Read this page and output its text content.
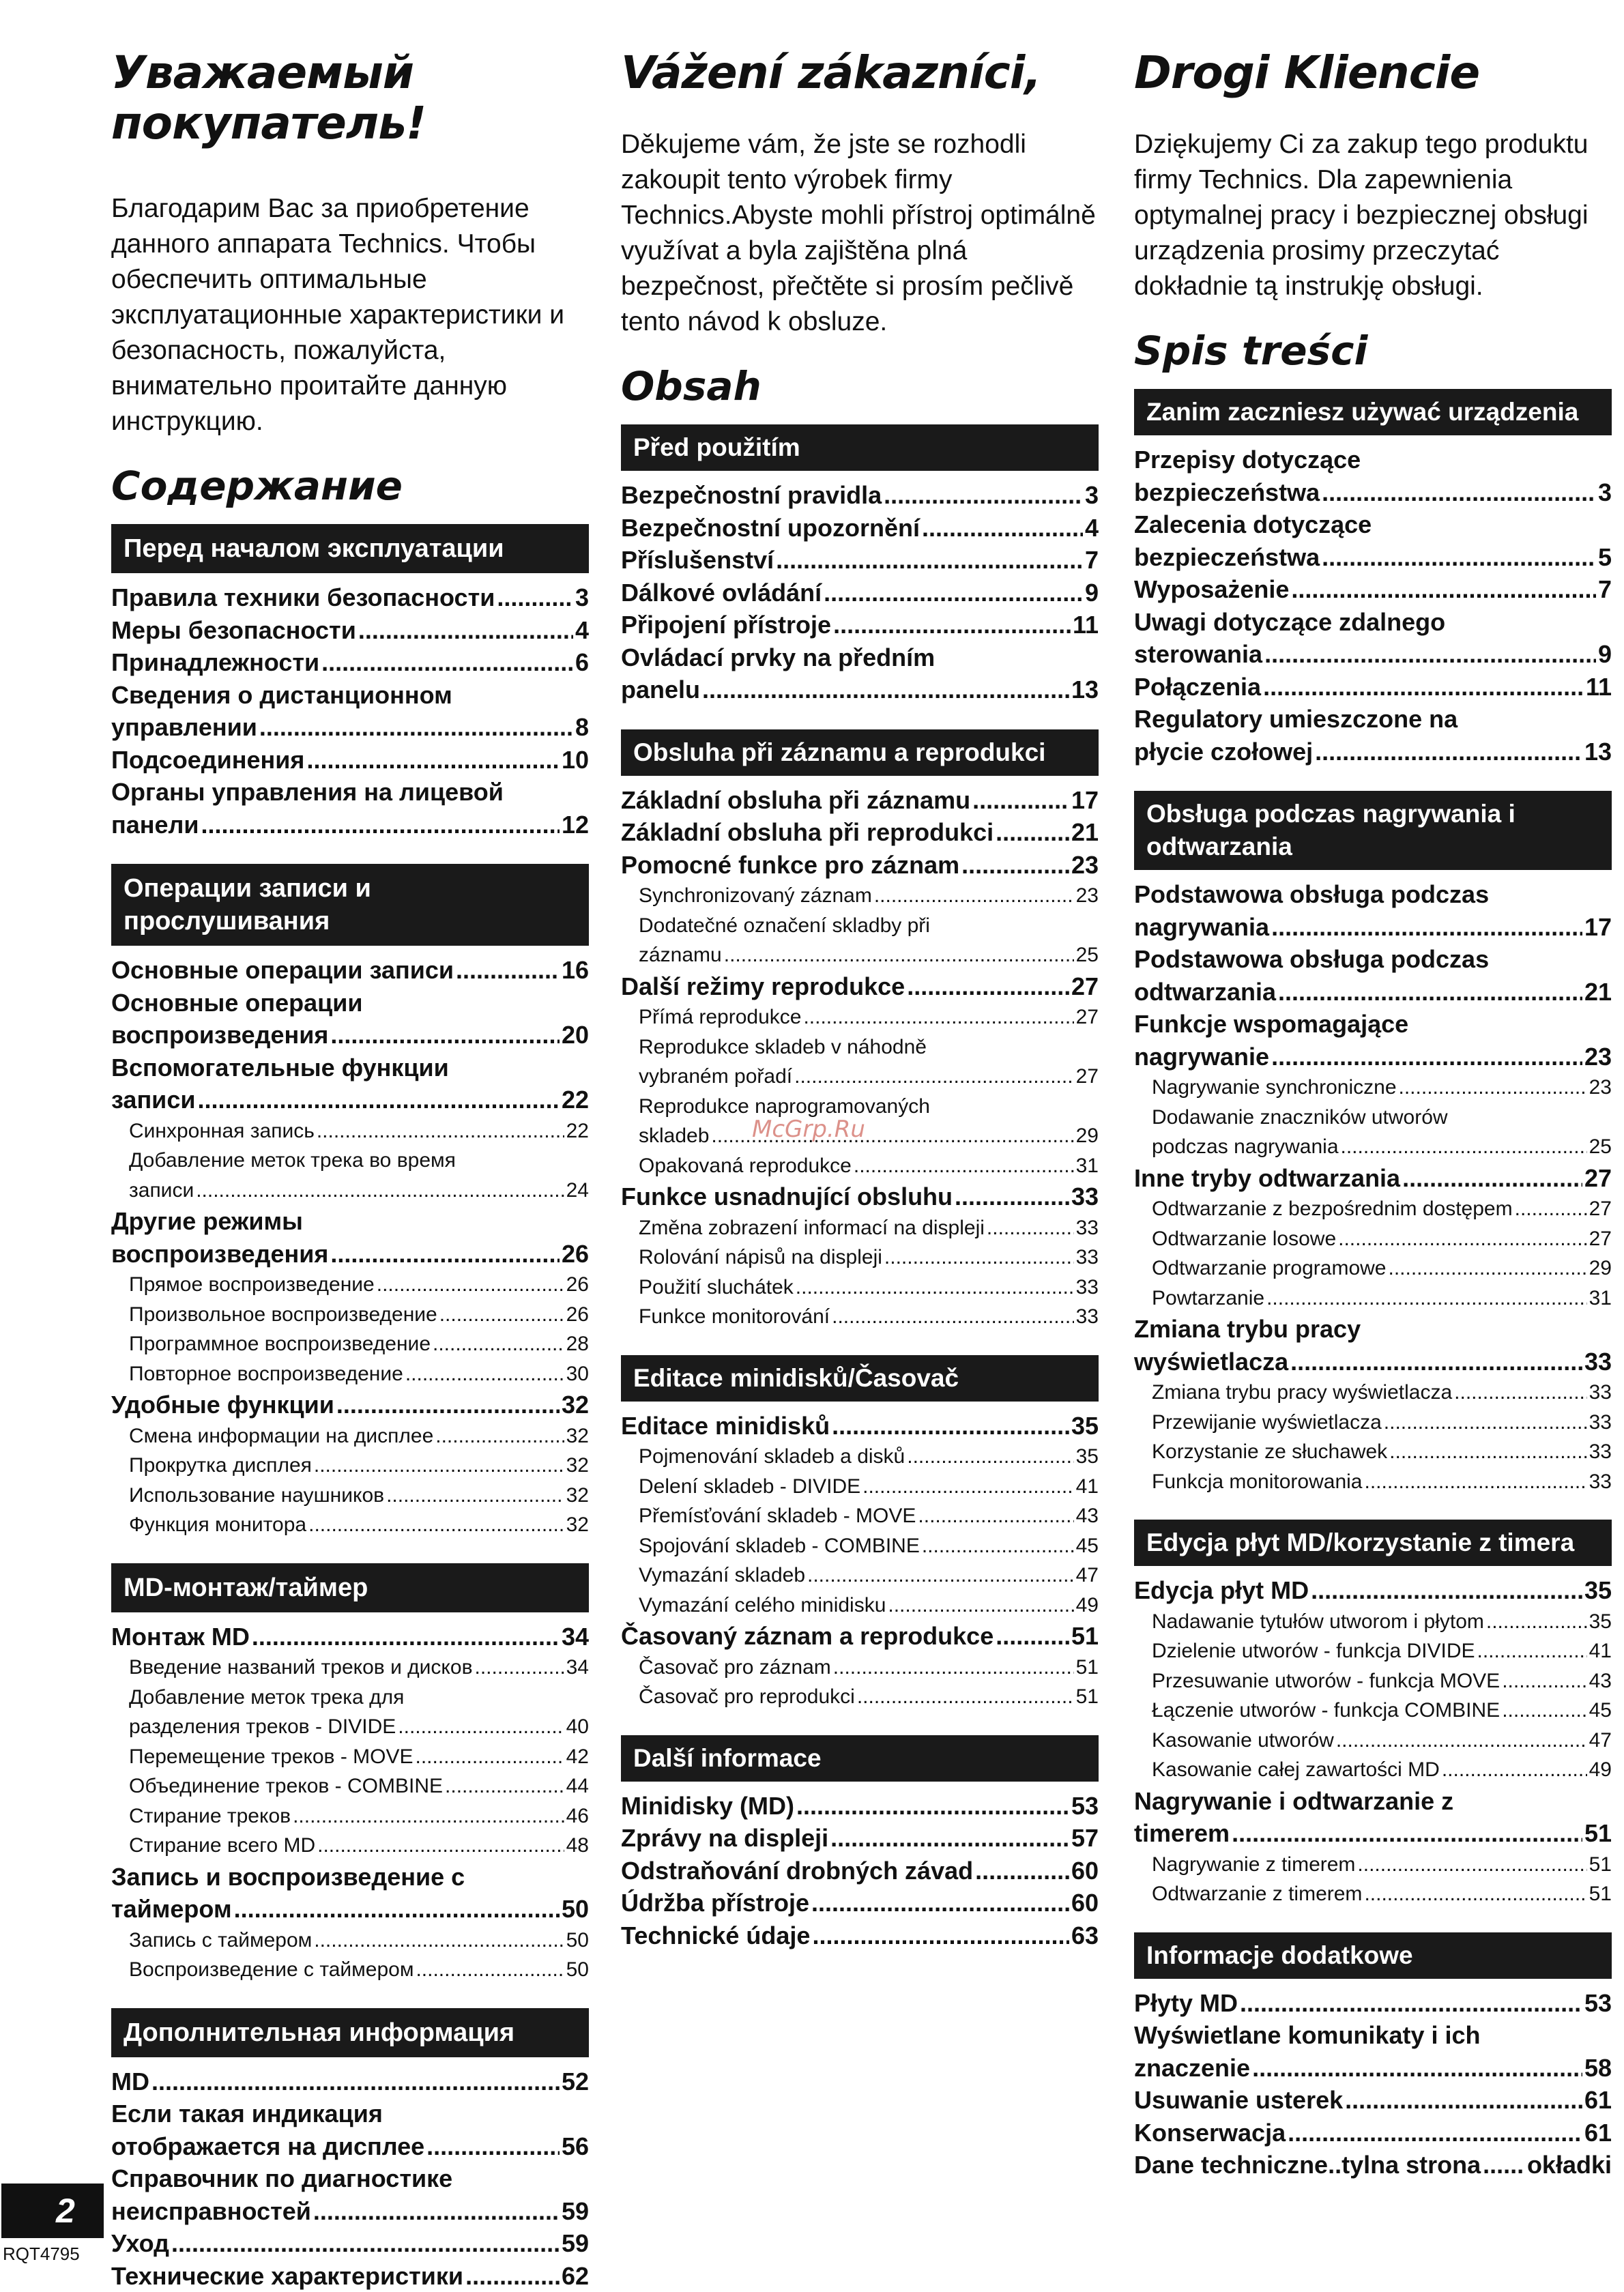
Уважаемый покупатель!

Благодарим Вас за приобретение данного аппарата Technics. Чтобы обеспечить оптимальные эксплуатационные характеристики и безопасность, пожалуйста, внимательно проитайте данную инструкцию.

Содержание
Перед началом эксплуатации
Правила техники безопасности .....	3
Меры безопасности .....	4
Принадлежности .....	6
Сведения о дистанционном
управлении .....	8
Подсоединения .....	10
Органы управления на лицевой
панели .....	12
Операции записи и прослушивания
Основные операции записи .....	16
Основные операции
воспроизведения .....	20
Вспомогательные функции
записи .....	22
Синхронная запись .....	22
Добавление меток трека во время
записи .....	24
Другие режимы
воспроизведения .....	26
Прямое воспроизведение .....	26
Произвольное воспроизведение .....	26
Программное воспроизведение .....	28
Повторное воспроизведение .....	30
Удобные функции .....	32
Смена информации на дисплее .....	32
Прокрутка дисплея .....	32
Использование наушников .....	32
Функция монитора .....	32
MD-монтаж/таймер
Монтаж MD .....	34
Введение названий треков и дисков .....	34
Добавление меток трека для
разделения треков - DIVIDE .....	40
Перемещение треков - MOVE .....	42
Объединение треков - COMBINE .....	44
Стирание треков .....	46
Стирание всего MD .....	48
Запись и воспроизведение с
таймером .....	50
Запись с таймером .....	50
Воспроизведение с таймером .....	50
Дополнительная информация
MD .....	52
Если такая индикация
отображается на дисплее .....	56
Справочник по диагностике
неисправностей .....	59
Уход .....	59
Технические характеристики .....	62
Vážení zákazníci,

Děkujeme vám, že jste se rozhodli zakoupit tento výrobek firmy Technics.Abyste mohli přístroj optimálně využívat a byla zajištěna plná bezpečnost, přečtěte si prosím pečlivě tento návod k obsluze.

Obsah
Před použitím
Bezpečnostní pravidla .....	3
Bezpečnostní upozornění .....	4
Příslušenství .....	7
Dálkové ovládání .....	9
Připojení přístroje .....	11
Ovládací prvky na předním
panelu .....	13
Obsluha při záznamu a reprodukci
Základní obsluha při záznamu .....	17
Základní obsluha při reprodukci .....	21
Pomocné funkce pro záznam .....	23
Synchronizovaný záznam .....	23
Dodatečné označení skladby při
záznamu .....	25
Další režimy reprodukce .....	27
Přímá reprodukce .....	27
Reprodukce skladeb v náhodně
vybraném pořadí .....	27
Reprodukce naprogramovaných
skladeb .....	29
Opakovaná reprodukce .....	31
Funkce usnadnující obsluhu .....	33
Změna zobrazení informací na displeji .....	33
Rolování nápisů na displeji .....	33
Použití sluchátek .....	33
Funkce monitorování .....	33
Editace minidisků/Časovač
Editace minidisků .....	35
Pojmenování skladeb a disků .....	35
Delení skladeb - DIVIDE .....	41
Přemísťování skladeb - MOVE .....	43
Spojování skladeb - COMBINE .....	45
Vymazání skladeb .....	47
Vymazání celého minidisku .....	49
Časovaný záznam a reprodukce .....	51
Časovač pro záznam .....	51
Časovač pro reprodukci .....	51
Další informace
Minidisky (MD) .....	53
Zprávy na displeji .....	57
Odstraňování drobných závad .....	60
Údržba přístroje .....	60
Technické údaje .....	63
Drogi Kliencie

Dziękujemy Ci za zakup tego produktu firmy Technics. Dla zapewnienia optymalnej pracy i bezpiecznej obsługi urządzenia prosimy przeczytać dokładnie tą instrukję obsługi.

Spis treści
Zanim zaczniesz używać urządzenia
Przepisy dotyczące
bezpieczeństwa .....	3
Zalecenia dotyczące
bezpieczeństwa .....	5
Wyposażenie .....	7
Uwagi dotyczące zdalnego
sterowania .....	9
Połączenia .....	11
Regulatory umieszczone na
płycie czołowej .....	13
Obsługa podczas nagrywania i odtwarzania
Podstawowa obsługa podczas
nagrywania .....	17
Podstawowa obsługa podczas
odtwarzania .....	21
Funkcje wspomagające
nagrywanie .....	23
Nagrywanie synchroniczne .....	23
Dodawanie znaczników utworów
podczas nagrywania .....	25
Inne tryby odtwarzania .....	27
Odtwarzanie z bezpośrednim dostępem .....	27
Odtwarzanie losowe .....	27
Odtwarzanie programowe .....	29
Powtarzanie .....	31
Zmiana trybu pracy
wyświetlacza .....	33
Zmiana trybu pracy wyświetlacza .....	33
Przewijanie wyświetlacza .....	33
Korzystanie ze słuchawek .....	33
Funkcja monitorowania .....	33
Edycja płyt MD/korzystanie z timera
Edycja płyt MD .....	35
Nadawanie tytułów utworom i płytom .....	35
Dzielenie utworów - funkcja DIVIDE .....	41
Przesuwanie utworów - funkcja MOVE .....	43
Łączenie utworów - funkcja COMBINE .....	45
Kasowanie utworów .....	47
Kasowanie całej zawartości MD .....	49
Nagrywanie i odtwarzanie z
timerem .....	51
Nagrywanie z timerem .....	51
Odtwarzanie z timerem .....	51
Informacje dodatkowe
Płyty MD .....	53
Wyświetlane komunikaty i ich
znaczenie .....	58
Usuwanie usterek .....	61
Konserwacja .....	61
Dane techniczne..tylna strona ..... okładki
2
RQT4795
McGrp.Ru
